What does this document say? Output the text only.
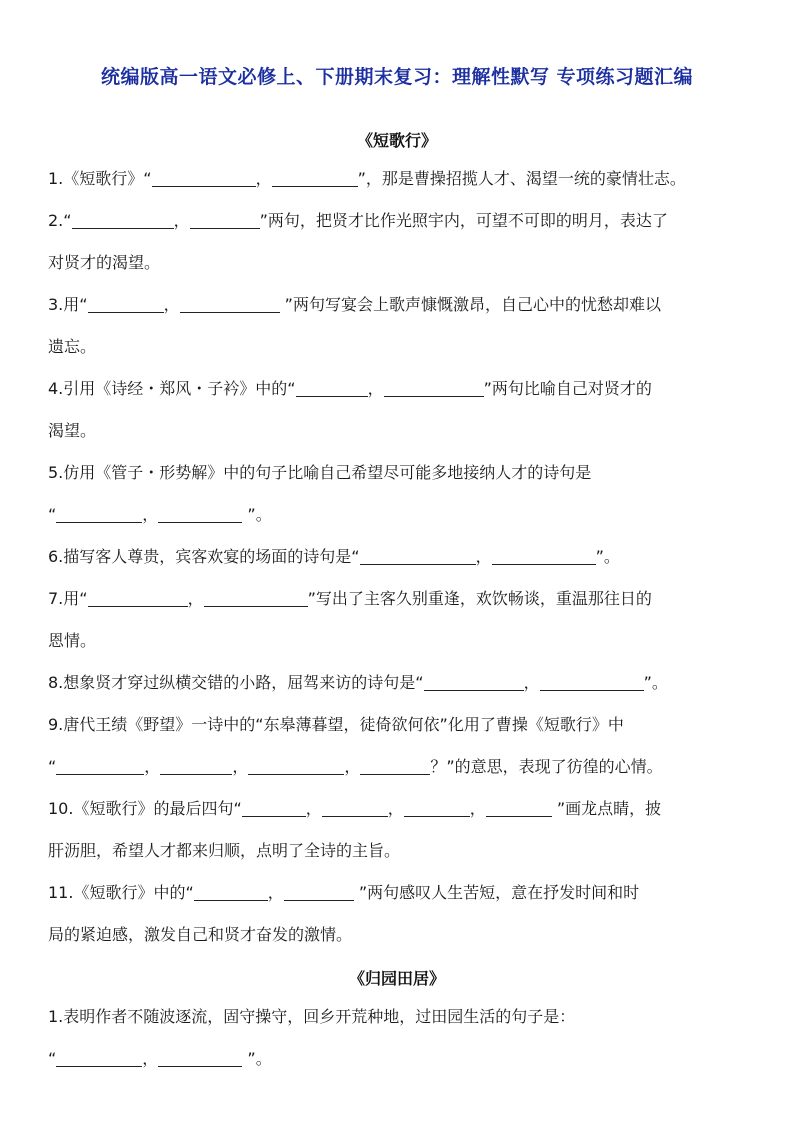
统编版高一语文必修上、下册期末复习：理解性默写 专项练习题汇编
《短歌行》
1.《短歌行》“	，	”，那是曹操招揽人才、渴望一统的豪情壮志。
2.“	，	”两句，把贤才比作光照宇内，可望不可即的明月，表达了
对贤才的渴望。
3.用“	，	”两句写宴会上歌声慷慨激昂，自己心中的忧愁却难以
遗忘。
4.引用《诗经・郑风・子衿》中的“	，	”两句比喻自己对贤才的
渴望。
5.仿用《管子・形势解》中的句子比喻自己希望尽可能多地接纳人才的诗句是
“	，	”。
6.描写客人尊贵，宾客欢宴的场面的诗句是“	，	”。
7.用“	，	”写出了主客久别重逢，欢饮畅谈，重温那往日的
恩情。
8.想象贤才穿过纵横交错的小路，屈驾来访的诗句是“	，	”。
9.唐代王绩《野望》一诗中的“东皋薄暮望，徒倚欲何依”化用了曹操《短歌行》中
“	，	，	，	？”的意思，表现了彷徨的心情。
10.《短歌行》的最后四句“	，	，	，	”画龙点睛，披
肝沥胆，希望人才都来归顺，点明了全诗的主旨。
11.《短歌行》中的“	，	”两句感叹人生苦短，意在抒发时间和时
局的紧迫感，激发自己和贤才奋发的激情。
《归园田居》
1.表明作者不随波逐流，固守操守，回乡开荒种地，过田园生活的句子是：
“	，	”。
